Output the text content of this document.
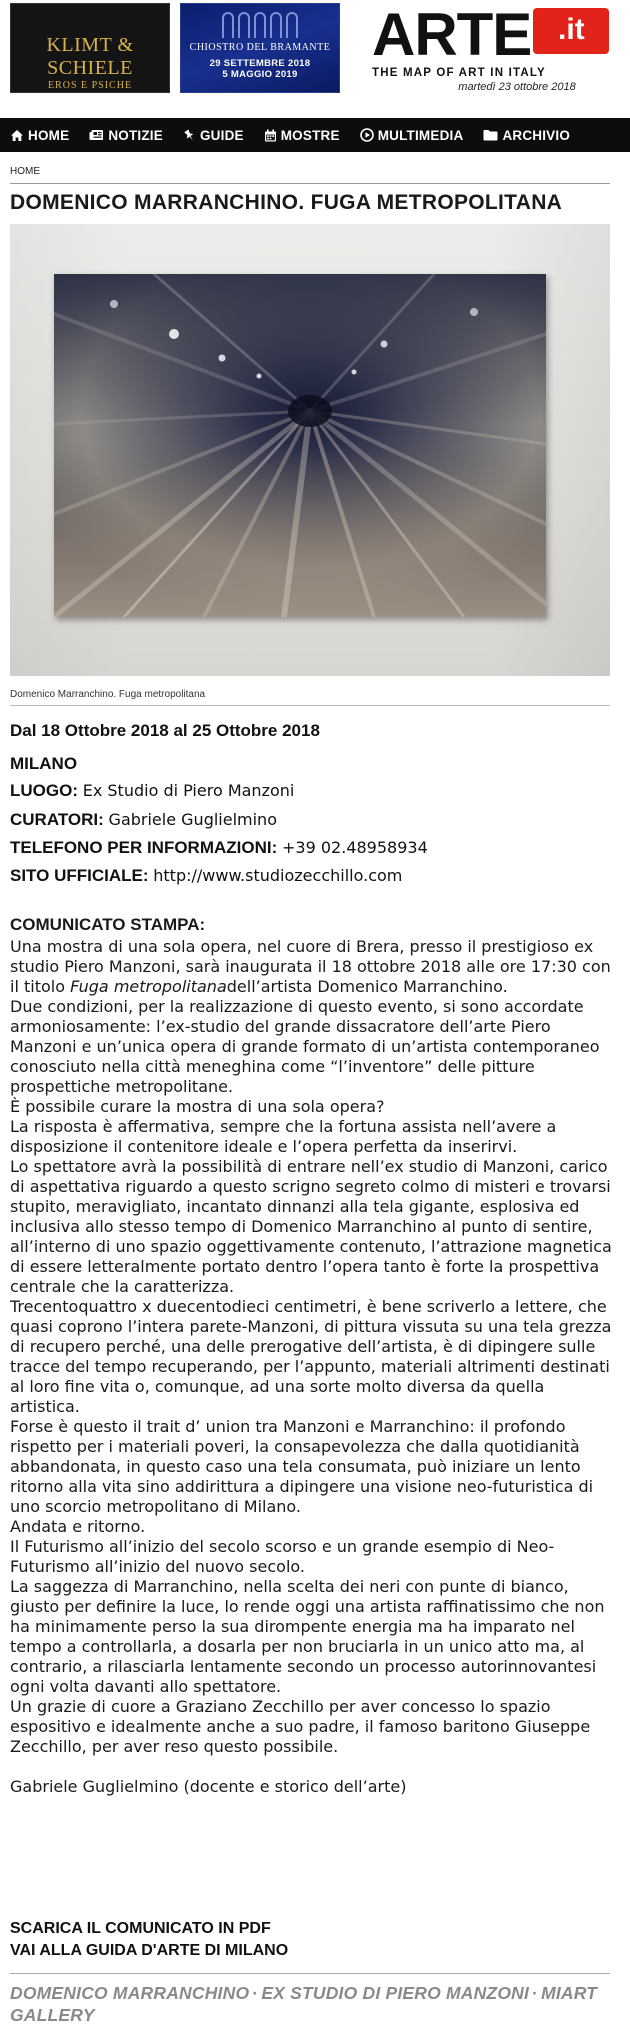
KLIMT & SCHIELE
EROS E PSICHE
CHIOSTRO DEL BRAMANTE
29 SETTEMBRE 2018
5 MAGGIO 2019
ARTE .it
THE MAP OF ART IN ITALY
martedì 23 ottobre 2018
HOME	NOTIZIE	GUIDE	MOSTRE	MULTIMEDIA	ARCHIVIO
HOME
DOMENICO MARRANCHINO. FUGA METROPOLITANA
Domenico Marranchino. Fuga metropolitana
Dal 18 Ottobre 2018 al 25 Ottobre 2018
MILANO
LUOGO: Ex Studio di Piero Manzoni
CURATORI: Gabriele Guglielmino
TELEFONO PER INFORMAZIONI: +39 02.48958934
SITO UFFICIALE: http://www.studiozecchillo.com
COMUNICATO STAMPA:

Una mostra di una sola opera, nel cuore di Brera, presso il prestigioso ex studio Piero Manzoni, sarà inaugurata il 18 ottobre 2018 alle ore 17:30 con il titolo Fuga metropolitanadell’artista Domenico Marranchino.

Due condizioni, per la realizzazione di questo evento, si sono accordate armoniosamente: l’ex-studio del grande dissacratore dell’arte Piero Manzoni e un’unica opera di grande formato di un’artista contemporaneo conosciuto nella città meneghina come “l’inventore” delle pitture prospettiche metropolitane.

È possibile curare la mostra di una sola opera?

La risposta è affermativa, sempre che la fortuna assista nell’avere a disposizione il contenitore ideale e l’opera perfetta da inserirvi.

Lo spettatore avrà la possibilità di entrare nell’ex studio di Manzoni, carico di aspettativa riguardo a questo scrigno segreto colmo di misteri e trovarsi stupito, meravigliato, incantato dinnanzi alla tela gigante, esplosiva ed inclusiva allo stesso tempo di Domenico Marranchino al punto di sentire, all’interno di uno spazio oggettivamente contenuto, l’attrazione magnetica di essere letteralmente portato dentro l’opera tanto è forte la prospettiva centrale che la caratterizza.

Trecentoquattro x duecentodieci centimetri, è bene scriverlo a lettere, che quasi coprono l’intera parete-Manzoni, di pittura vissuta su una tela grezza di recupero perché, una delle prerogative dell’artista, è di dipingere sulle tracce del tempo recuperando, per l’appunto, materiali altrimenti destinati al loro fine vita o, comunque, ad una sorte molto diversa da quella artistica.

Forse è questo il trait d’ union tra Manzoni e Marranchino: il profondo rispetto per i materiali poveri, la consapevolezza che dalla quotidianità abbandonata, in questo caso una tela consumata, può iniziare un lento ritorno alla vita sino addirittura a dipingere una visione neo-futuristica di uno scorcio metropolitano di Milano.

Andata e ritorno.

Il Futurismo all’inizio del secolo scorso e un grande esempio di Neo-Futurismo all’inizio del nuovo secolo.

La saggezza di Marranchino, nella scelta dei neri con punte di bianco, giusto per definire la luce, lo rende oggi una artista raffinatissimo che non ha minimamente perso la sua dirompente energia ma ha imparato nel tempo a controllarla, a dosarla per non bruciarla in un unico atto ma, al contrario, a rilasciarla lentamente secondo un processo autorinnovantesi ogni volta davanti allo spettatore.

Un grazie di cuore a Graziano Zecchillo per aver concesso lo spazio espositivo e idealmente anche a suo padre, il famoso baritono Giuseppe Zecchillo, per aver reso questo possibile.

Gabriele Guglielmino (docente e storico dell’arte)

SCARICA IL COMUNICATO IN PDF
VAI ALLA GUIDA D'ARTE DI MILANO
DOMENICO MARRANCHINO · EX STUDIO DI PIERO MANZONI · MIART GALLERY
